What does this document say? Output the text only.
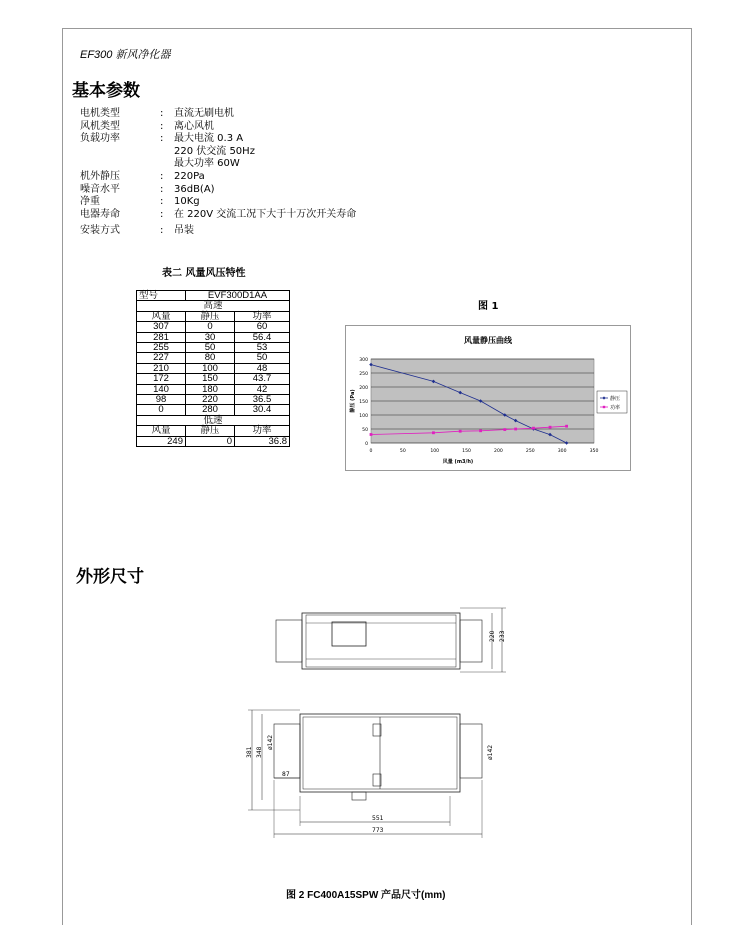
EF300 新风净化器
基本参数
电机类型	:	直流无刷电机
风机类型	:	离心风机
负载功率	:	最大电流 0.3 A
220 伏交流 50Hz
最大功率 60W
机外静压	:	220Pa
噪音水平	:	36dB(A)
净重	:	10Kg
电器寿命	:	在 220V 交流工况下大于十万次开关寿命
安装方式	:	吊装
表二 风量风压特性
型号	EVF300D1AA	
高速		
风量	静压	功率
307	0	60
281	30	56.4
255	50	53
227	80	50
210	100	48
172	150	43.7
140	180	42
98	220	36.5
0	280	30.4
低速		
风量	静压	功率
249	0	36.8
图 1
风量静压曲线
0
50
100
150
200
250
300
0	50	100	150	200	250	300	350
风量 (m3/h)
静压 (Pa)	静压
功率
外形尺寸
220 233
381 348
ø142
ø142
87
551
773
图 2 FC400A15SPW 产品尺寸(mm)
